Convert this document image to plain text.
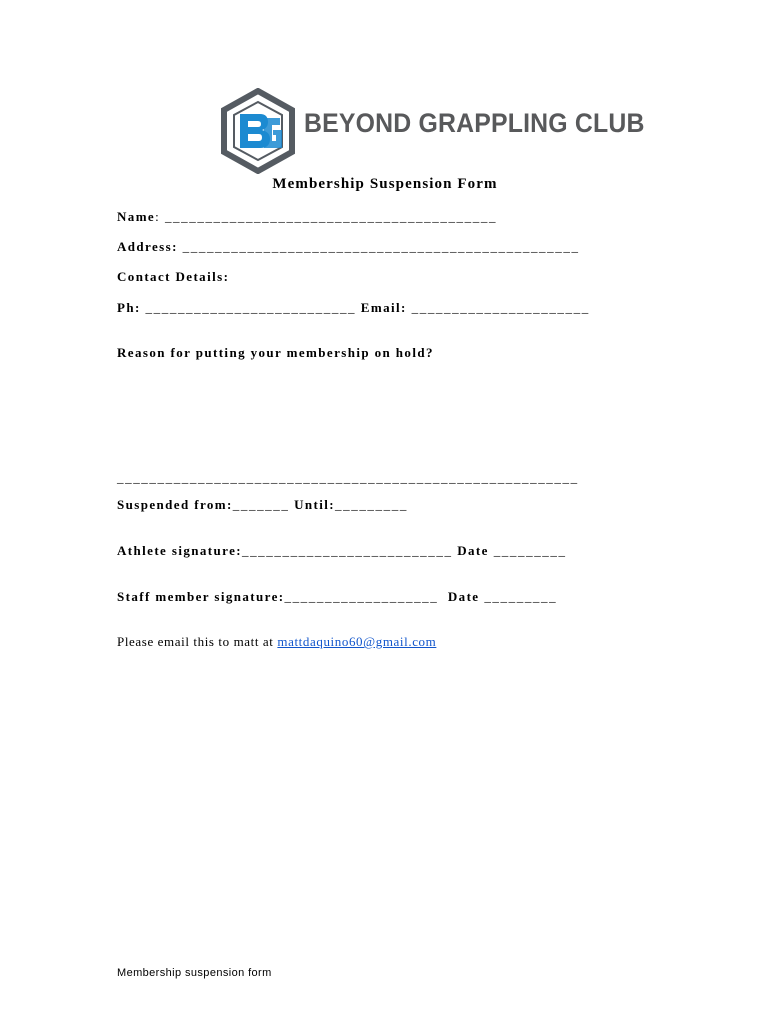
BEYOND GRAPPLING CLUB
Membership Suspension Form
Name: _________________________________________
Address: _________________________________________________
Contact Details:
Ph: __________________________ Email: ______________________
Reason for putting your membership on hold?
_________________________________________________________
Suspended from:_______ Until:_________
Athlete signature:__________________________ Date _________
Staff member signature:___________________  Date _________
Please email this to matt at mattdaquino60@gmail.com
Membership suspension form
